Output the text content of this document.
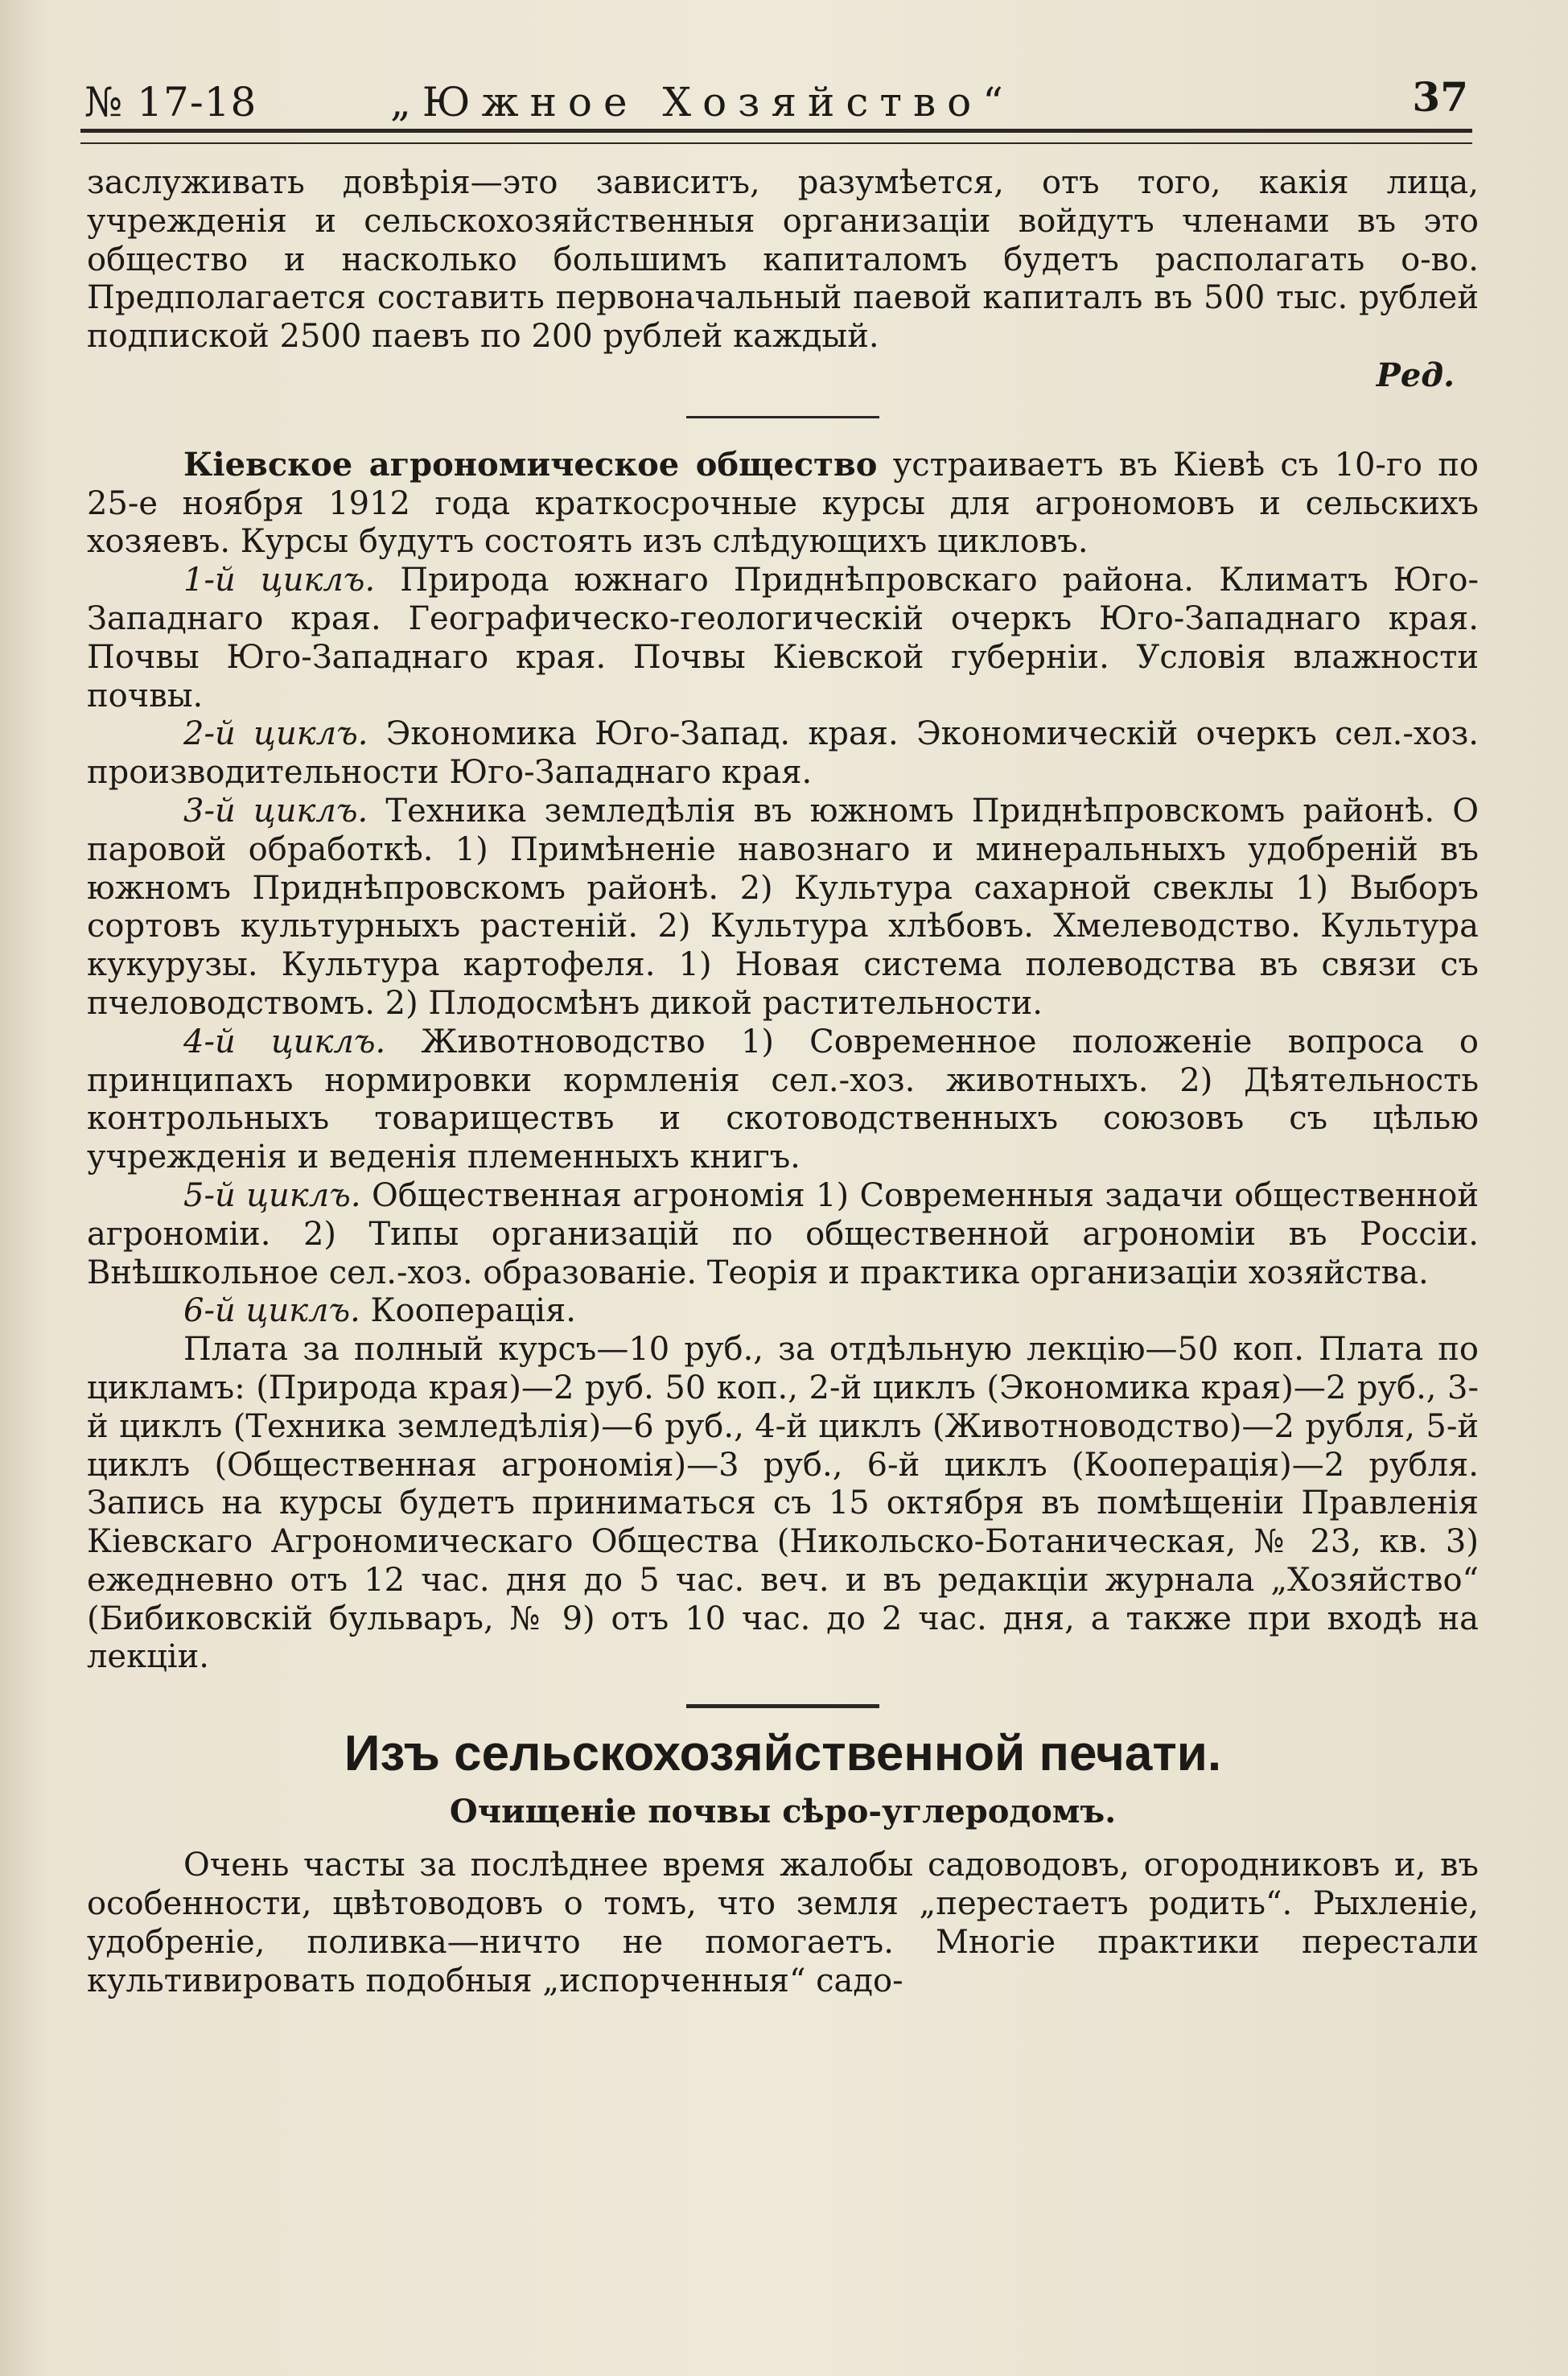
№ 17-18	„Южное Хозяйство“	37

заслуживать довѣрія—это зависитъ, разумѣется, отъ того, какія лица, учрежденія и сельскохозяйственныя организаціи войдутъ членами въ это общество и насколько большимъ капиталомъ будетъ располагать о-во. Предполагается составить первоначальный паевой капиталъ въ 500 тыс. рублей подпиской 2500 паевъ по 200 рублей каждый.

Ред.

Кіевское агрономическое общество устраиваетъ въ Кіевѣ съ 10-го по 25-е ноября 1912 года краткосрочные курсы для агрономовъ и сельскихъ хозяевъ. Курсы будутъ состоять изъ слѣдующихъ цикловъ.

1-й циклъ. Природа южнаго Приднѣпровскаго района. Климатъ Юго-Западнаго края. Географическо-геологическій очеркъ Юго-Западнаго края. Почвы Юго-Западнаго края. Почвы Кіевской губерніи. Условія влажности почвы.

2-й циклъ. Экономика Юго-Запад. края. Экономическій очеркъ сел.-хоз. производительности Юго-Западнаго края.

3-й циклъ. Техника земледѣлія въ южномъ Приднѣпровскомъ районѣ. О паровой обработкѣ. 1) Примѣненіе навознаго и минеральныхъ удобреній въ южномъ Приднѣпровскомъ районѣ. 2) Культура сахарной свеклы 1) Выборъ сортовъ культурныхъ растеній. 2) Культура хлѣбовъ. Хмелеводство. Культура кукурузы. Культура картофеля. 1) Новая система полеводства въ связи съ пчеловодствомъ. 2) Плодосмѣнъ дикой растительности.

4-й циклъ. Животноводство 1) Современное положеніе вопроса о принципахъ нормировки кормленія сел.-хоз. животныхъ. 2) Дѣятельность контрольныхъ товариществъ и скотоводственныхъ союзовъ съ цѣлью учрежденія и веденія племенныхъ книгъ.

5-й циклъ. Общественная агрономія 1) Современныя задачи общественной агрономіи. 2) Типы организацій по общественной агрономіи въ Россіи. Внѣшкольное сел.-хоз. образованіе. Теорія и практика организаціи хозяйства.

6-й циклъ. Кооперація.

Плата за полный курсъ—10 руб., за отдѣльную лекцію—50 коп. Плата по цикламъ: (Природа края)—2 руб. 50 коп., 2-й циклъ (Экономика края)—2 руб., 3-й циклъ (Техника земледѣлія)—6 руб., 4-й циклъ (Животноводство)—2 рубля, 5-й циклъ (Общественная агрономія)—3 руб., 6-й циклъ (Кооперація)—2 рубля. Запись на курсы будетъ приниматься съ 15 октября въ помѣщеніи Правленія Кіевскаго Агрономическаго Общества (Никольско-Ботаническая, № 23, кв. 3) ежедневно отъ 12 час. дня до 5 час. веч. и въ редакціи журнала „Хозяйство“ (Бибиковскій бульваръ, № 9) отъ 10 час. до 2 час. дня, а также при входѣ на лекціи.

Изъ сельскохозяйственной печати.
Очищеніе почвы сѣро-углеродомъ.

Очень часты за послѣднее время жалобы садоводовъ, огородниковъ и, въ особенности, цвѣтоводовъ о томъ, что земля „перестаетъ родить“. Рыхленіе, удобреніе, поливка—ничто не помогаетъ. Многіе практики перестали культивировать подобныя „испорченныя“ садо-
